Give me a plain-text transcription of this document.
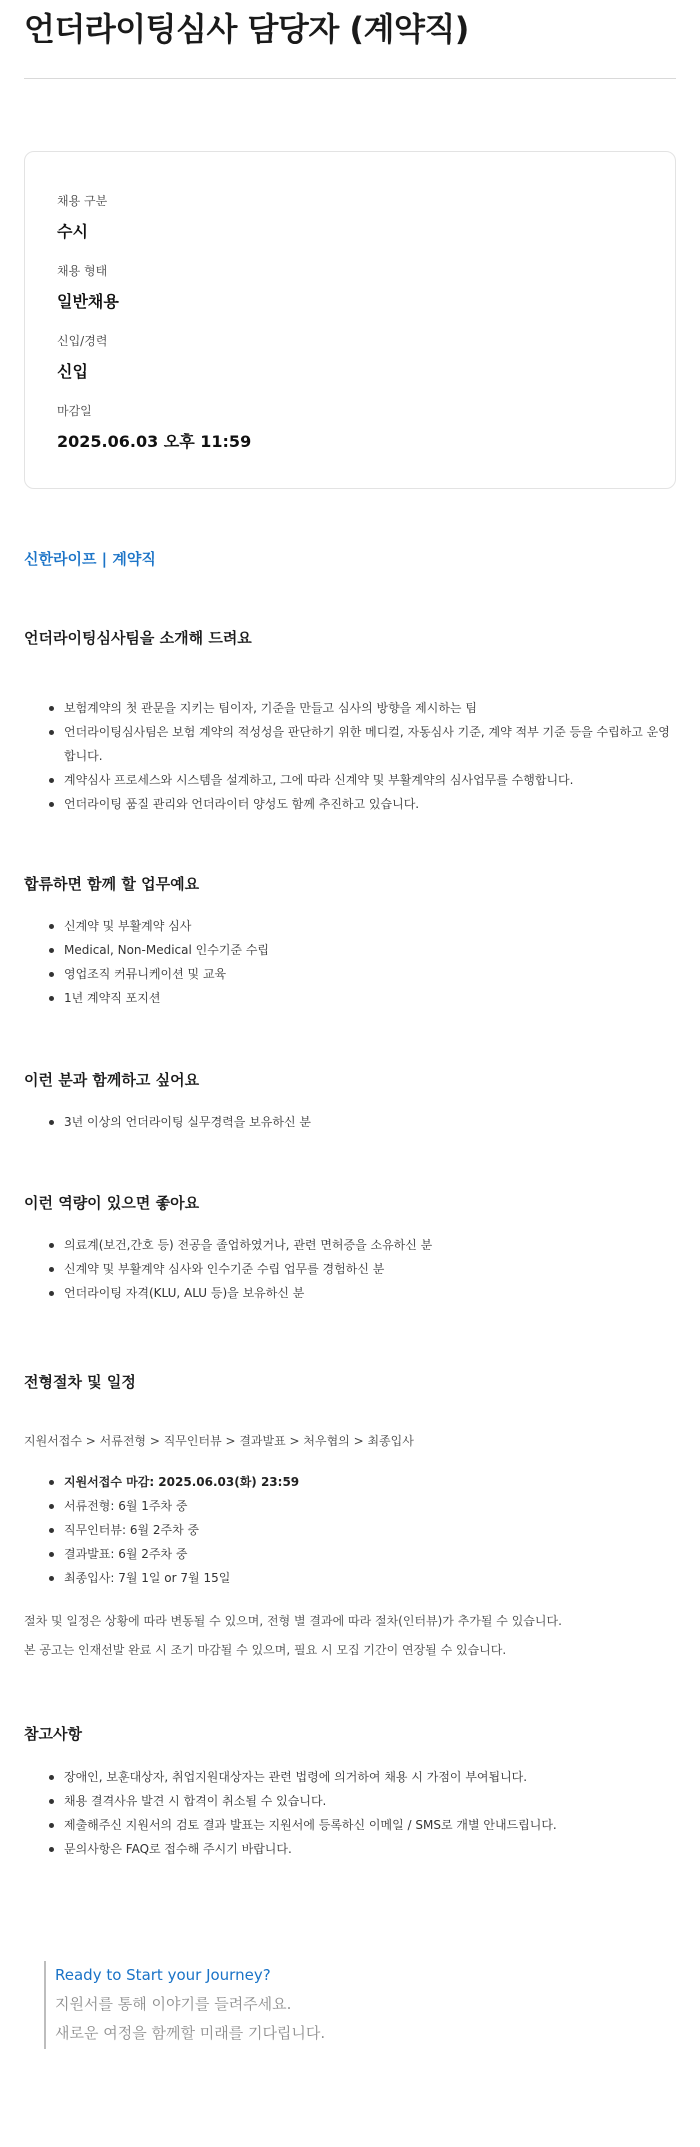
언더라이팅심사 담당자 (계약직)
채용 구분
수시
채용 형태
일반채용
신입/경력
신입
마감일
2025.06.03 오후 11:59
신한라이프 | 계약직
언더라이팅심사팀을 소개해 드려요
보험계약의 첫 관문을 지키는 팀이자, 기준을 만들고 심사의 방향을 제시하는 팀
언더라이팅심사팀은 보험 계약의 적성성을 판단하기 위한 메디컬, 자동심사 기준, 계약 적부 기준 등을 수립하고 운영합니다.
계약심사 프로세스와 시스템을 설계하고, 그에 따라 신계약 및 부활계약의 심사업무를 수행합니다.
언더라이팅 품질 관리와 언더라이터 양성도 함께 추진하고 있습니다.
합류하면 함께 할 업무예요
신계약 및 부활계약 심사
Medical, Non-Medical 인수기준 수립
영업조직 커뮤니케이션 및 교육
1년 계약직 포지션
이런 분과 함께하고 싶어요
3년 이상의 언더라이팅 실무경력을 보유하신 분
이런 역량이 있으면 좋아요
의료계(보건,간호 등) 전공을 졸업하였거나, 관련 면허증을 소유하신 분
신계약 및 부활계약 심사와 인수기준 수립 업무를 경험하신 분
언더라이팅 자격(KLU, ALU 등)을 보유하신 분
전형절차 및 일정
지원서접수 > 서류전형 > 직무인터뷰 > 결과발표 > 처우협의 > 최종입사
지원서접수 마감: 2025.06.03(화) 23:59
서류전형: 6월 1주차 중
직무인터뷰: 6월 2주차 중
결과발표: 6월 2주차 중
최종입사: 7월 1일 or 7월 15일
절차 및 일정은 상황에 따라 변동될 수 있으며, 전형 별 결과에 따라 절차(인터뷰)가 추가될 수 있습니다.
본 공고는 인재선발 완료 시 조기 마감될 수 있으며, 필요 시 모집 기간이 연장될 수 있습니다.
참고사항
장애인, 보훈대상자, 취업지원대상자는 관련 법령에 의거하여 채용 시 가점이 부여됩니다.
채용 결격사유 발견 시 합격이 취소될 수 있습니다.
제출해주신 지원서의 검토 결과 발표는 지원서에 등록하신 이메일 / SMS로 개별 안내드립니다.
문의사항은 FAQ로 접수해 주시기 바랍니다.
Ready to Start your Journey?
지원서를 통해 이야기를 들려주세요.
새로운 여정을 함께할 미래를 기다립니다.
